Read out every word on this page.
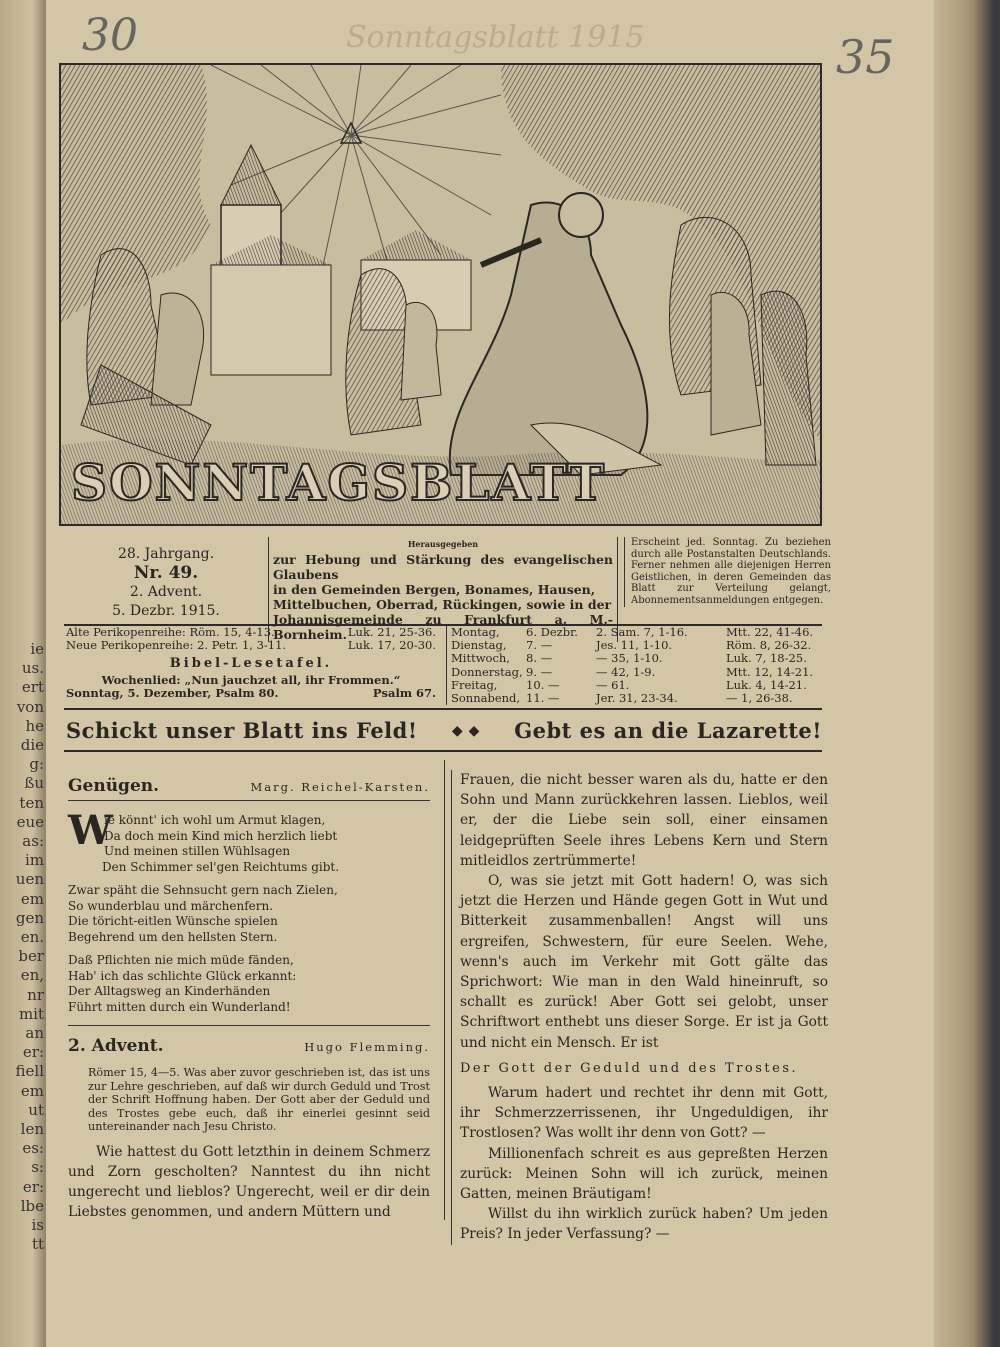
ie
us.
ert
von
he
die
g:
ßu
ten
eue
as:
im
uen
em
gen
en.
ber
en,
nr
mit
an
er:
fiell
em
ut
len
es:
s:
er:
lbe
is
tt
30	35
Sonntagsblatt 1915
SONNTAGSBLATT
28. Jahrgang.
Nr. 49.
2. Advent.
5. Dezbr. 1915.
Herausgegeben
zur Hebung und Stärkung des evangelischen Glaubens
in den Gemeinden Bergen, Bonames, Hausen,
Mittelbuchen, Oberrad, Rückingen, sowie in der
Johannisgemeinde zu Frankfurt a. M.-Bornheim.
Erscheint jed. Sonntag. Zu beziehen durch alle Postanstalten Deutschlands. Ferner nehmen alle diejenigen Herren Geistlichen, in deren Gemeinden das Blatt zur Verteilung gelangt, Abonnementsanmeldungen entgegen.
Alte Perikopenreihe: Röm. 15, 4-13.	Luk. 21, 25-36.
Neue Perikopenreihe: 2. Petr. 1, 3-11.	Luk. 17, 20-30.
Bibel-Lesetafel.
Wochenlied: „Nun jauchzet all, ihr Frommen.“
Sonntag, 5. Dezember, Psalm 80.	Psalm 67.
Montag,	6. Dezbr.	2. Sam. 7, 1-16.	Mtt. 22, 41-46.
Dienstag,	7. —	Jes. 11, 1-10.	Röm. 8, 26-32.
Mittwoch,	8. —	— 35, 1-10.	Luk. 7, 18-25.
Donnerstag, 9. —	— 42, 1-9.	Mtt. 12, 14-21.
Freitag,	10. —	— 61.	Luk. 4, 14-21.
Sonnabend, 11. —	Jer. 31, 23-34.	— 1, 26-38.
Schickt unser Blatt ins Feld! ◆ ◆ Gebt es an die Lazarette!
Genügen.	Marg. Reichel-Karsten.
W
ie könnt' ich wohl um Armut klagen,
Da doch mein Kind mich herzlich liebt
Und meinen stillen Wühlsagen
Den Schimmer sel'gen Reichtums gibt.
Zwar späht die Sehnsucht gern nach Zielen,
So wunderblau und märchenfern.
Die töricht-eitlen Wünsche spielen
Begehrend um den hellsten Stern.
Daß Pflichten nie mich müde fänden,
Hab' ich das schlichte Glück erkannt:
Der Alltagsweg an Kinderhänden
Führt mitten durch ein Wunderland!
2. Advent.	Hugo Flemming.
Römer 15, 4—5. Was aber zuvor geschrieben ist, das ist uns zur Lehre geschrieben, auf daß wir durch Geduld und Trost der Schrift Hoffnung haben. Der Gott aber der Geduld und des Trostes gebe euch, daß ihr einerlei gesinnt seid untereinander nach Jesu Christo.

Wie hattest du Gott letzthin in deinem Schmerz und Zorn gescholten? Nanntest du ihn nicht ungerecht und lieblos? Ungerecht, weil er dir dein Liebstes genommen, und andern Müttern und

Frauen, die nicht besser waren als du, hatte er den Sohn und Mann zurückkehren lassen. Lieblos, weil er, der die Liebe sein soll, einer einsamen leidgeprüften Seele ihres Lebens Kern und Stern mitleidlos zertrümmerte!

O, was sie jetzt mit Gott hadern! O, was sich jetzt die Herzen und Hände gegen Gott in Wut und Bitterkeit zusammenballen! Angst will uns ergreifen, Schwestern, für eure Seelen. Wehe, wenn's auch im Verkehr mit Gott gälte das Sprichwort: Wie man in den Wald hineinruft, so schallt es zurück! Aber Gott sei gelobt, unser Schriftwort enthebt uns dieser Sorge. Er ist ja Gott und nicht ein Mensch. Er ist

Der Gott der Geduld und des Trostes.

Warum hadert und rechtet ihr denn mit Gott, ihr Schmerzzerrissenen, ihr Ungeduldigen, ihr Trostlosen? Was wollt ihr denn von Gott? —

Millionenfach schreit es aus gepreßten Herzen zurück: Meinen Sohn will ich zurück, meinen Gatten, meinen Bräutigam!

Willst du ihn wirklich zurück haben? Um jeden Preis? In jeder Verfassung? —
